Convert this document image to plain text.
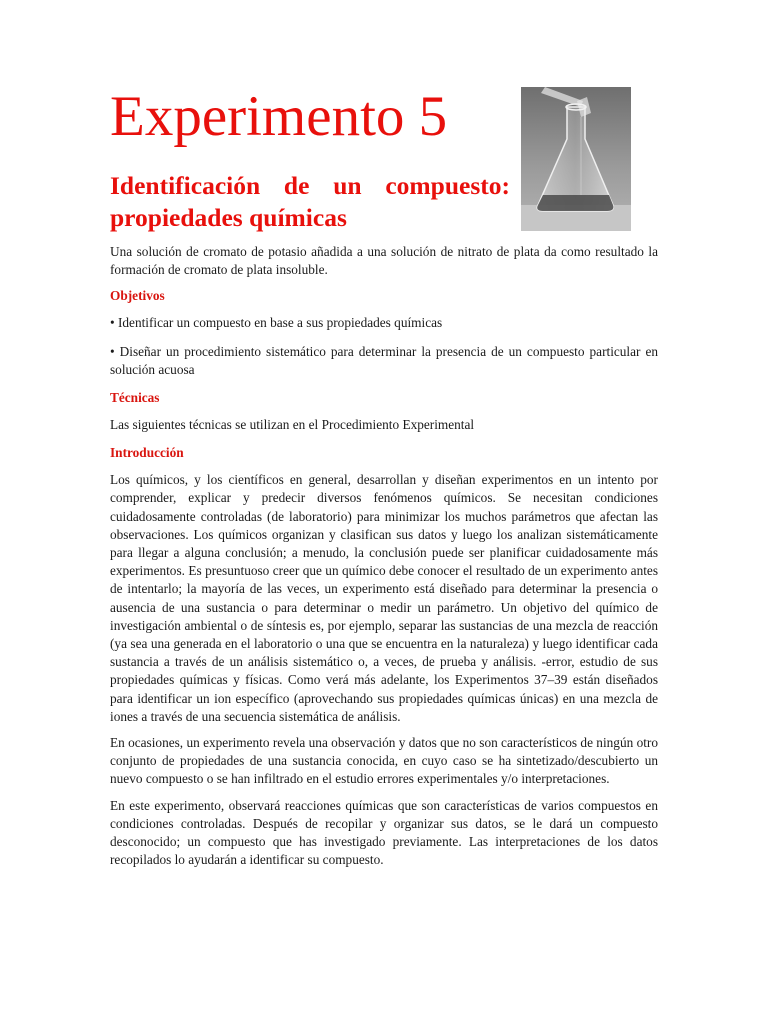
Experimento 5
Identificación de un compuesto: propiedades químicas

Una solución de cromato de potasio añadida a una solución de nitrato de plata da como resultado la formación de cromato de plata insoluble.

Objetivos

• Identificar un compuesto en base a sus propiedades químicas

• Diseñar un procedimiento sistemático para determinar la presencia de un compuesto particular en solución acuosa

Técnicas

Las siguientes técnicas se utilizan en el Procedimiento Experimental

Introducción

Los químicos, y los científicos en general, desarrollan y diseñan experimentos en un intento por comprender, explicar y predecir diversos fenómenos químicos. Se necesitan condiciones cuidadosamente controladas (de laboratorio) para minimizar los muchos parámetros que afectan las observaciones. Los químicos organizan y clasifican sus datos y luego los analizan sistemáticamente para llegar a alguna conclusión; a menudo, la conclusión puede ser planificar cuidadosamente más experimentos. Es presuntuoso creer que un químico debe conocer el resultado de un experimento antes de intentarlo; la mayoría de las veces, un experimento está diseñado para determinar la presencia o ausencia de una sustancia o para determinar o medir un parámetro. Un objetivo del químico de investigación ambiental o de síntesis es, por ejemplo, separar las sustancias de una mezcla de reacción (ya sea una generada en el laboratorio o una que se encuentra en la naturaleza) y luego identificar cada sustancia a través de un análisis sistemático o, a veces, de prueba y análisis. -error, estudio de sus propiedades químicas y físicas. Como verá más adelante, los Experimentos 37–39 están diseñados para identificar un ion específico (aprovechando sus propiedades químicas únicas) en una mezcla de iones a través de una secuencia sistemática de análisis.

En ocasiones, un experimento revela una observación y datos que no son característicos de ningún otro conjunto de propiedades de una sustancia conocida, en cuyo caso se ha sintetizado/descubierto un nuevo compuesto o se han infiltrado en el estudio errores experimentales y/o interpretaciones.

En este experimento, observará reacciones químicas que son características de varios compuestos en condiciones controladas. Después de recopilar y organizar sus datos, se le dará un compuesto desconocido; un compuesto que has investigado previamente. Las interpretaciones de los datos recopilados lo ayudarán a identificar su compuesto.
